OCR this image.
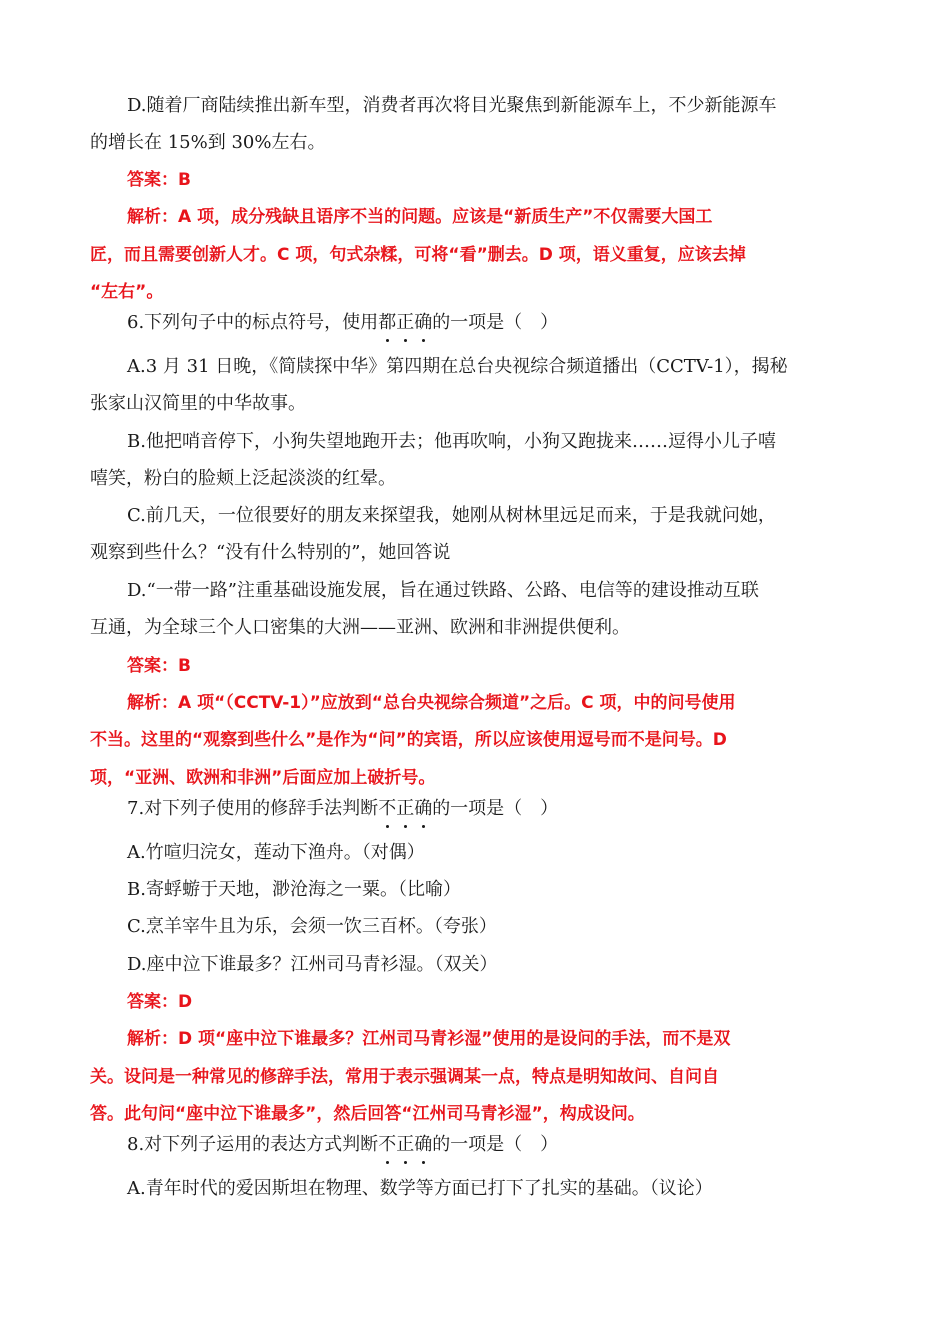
D.随着厂商陆续推出新车型，消费者再次将目光聚焦到新能源车上，不少新能源车
的增长在 15%到 30%左右。
答案：B
解析：A 项，成分残缺且语序不当的问题。应该是“新质生产”不仅需要大国工
匠，而且需要创新人才。C 项，句式杂糅，可将“看”删去。D 项，语义重复，应该去掉
“左右”。
6.下列句子中的标点符号，使用都正确的一项是（　）
A.3 月 31 日晚，《简牍探中华》第四期在总台央视综合频道播出（CCTV-1），揭秘
张家山汉简里的中华故事。
B.他把哨音停下，小狗失望地跑开去；他再吹响，小狗又跑拢来……逗得小儿子嘻
嘻笑，粉白的脸颊上泛起淡淡的红晕。
C.前几天，一位很要好的朋友来探望我，她刚从树林里远足而来，于是我就问她，
观察到些什么？“没有什么特别的”，她回答说
D.“一带一路”注重基础设施发展，旨在通过铁路、公路、电信等的建设推动互联
互通，为全球三个人口密集的大洲——亚洲、欧洲和非洲提供便利。
答案：B
解析：A 项“（CCTV-1）”应放到“总台央视综合频道”之后。C 项，中的问号使用
不当。这里的“观察到些什么”是作为“问”的宾语，所以应该使用逗号而不是问号。D
项，“亚洲、欧洲和非洲”后面应加上破折号。
7.对下列子使用的修辞手法判断不正确的一项是（　）
A.竹喧归浣女，莲动下渔舟。（对偶）
B.寄蜉蝣于天地，渺沧海之一粟。（比喻）
C.烹羊宰牛且为乐，会须一饮三百杯。（夸张）
D.座中泣下谁最多？江州司马青衫湿。（双关）
答案：D
解析：D 项“座中泣下谁最多？江州司马青衫湿”使用的是设问的手法，而不是双
关。设问是一种常见的修辞手法，常用于表示强调某一点，特点是明知故问、自问自
答。此句问“座中泣下谁最多”，然后回答“江州司马青衫湿”，构成设问。
8.对下列子运用的表达方式判断不正确的一项是（　）
A.青年时代的爱因斯坦在物理、数学等方面已打下了扎实的基础。（议论）
